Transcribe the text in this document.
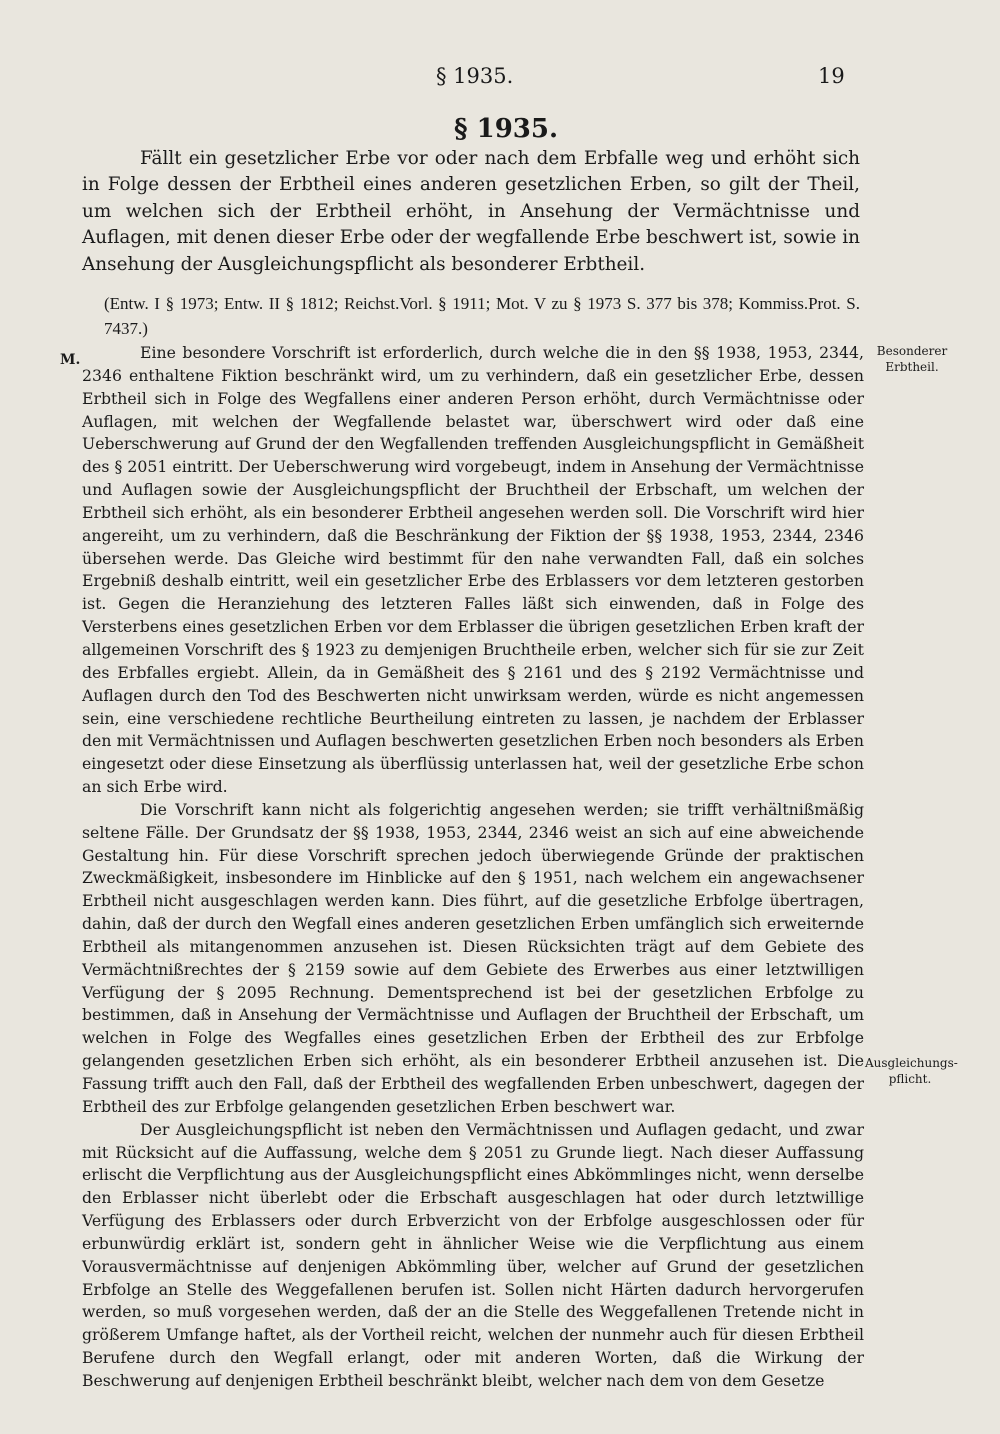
§ 1935.	19
§ 1935.

Fällt ein gesetzlicher Erbe vor oder nach dem Erbfalle weg und erhöht sich in Folge dessen der Erbtheil eines anderen gesetzlichen Erben, so gilt der Theil, um welchen sich der Erbtheil erhöht, in Ansehung der Vermächtnisse und Auflagen, mit denen dieser Erbe oder der wegfallende Erbe beschwert ist, sowie in Ansehung der Ausgleichungspflicht als besonderer Erbtheil.

(Entw. I § 1973; Entw. II § 1812; Reichst.Vorl. § 1911; Mot. V zu § 1973 S. 377 bis 378; Kommiss.Prot. S. 7437.)

M.	Eine besondere Vorschrift ist erforderlich, durch welche die in den §§ 1938, 1953, 2344, 2346 enthaltene Fiktion beschränkt wird, um zu verhindern, daß ein gesetzlicher Erbe, dessen Erbtheil sich in Folge des Wegfallens einer anderen Person erhöht, durch Vermächtnisse oder Auflagen, mit welchen der Wegfallende belastet war, überschwert wird oder daß eine Ueberschwerung auf Grund der den Wegfallenden treffenden Ausgleichungspflicht in Gemäßheit des § 2051 eintritt. Der Ueberschwerung wird vorgebeugt, indem in Ansehung der Vermächtnisse und Auflagen sowie der Ausgleichungspflicht der Bruchtheil der Erbschaft, um welchen der Erbtheil sich erhöht, als ein besonderer Erbtheil angesehen werden soll. Die Vorschrift wird hier angereiht, um zu verhindern, daß die Beschränkung der Fiktion der §§ 1938, 1953, 2344, 2346 übersehen werde. Das Gleiche wird bestimmt für den nahe verwandten Fall, daß ein solches Ergebniß deshalb eintritt, weil ein gesetzlicher Erbe des Erblassers vor dem letzteren gestorben ist. Gegen die Heranziehung des letzteren Falles läßt sich einwenden, daß in Folge des Versterbens eines gesetzlichen Erben vor dem Erblasser die übrigen gesetzlichen Erben kraft der allgemeinen Vorschrift des § 1923 zu demjenigen Bruchtheile erben, welcher sich für sie zur Zeit des Erbfalles ergiebt. Allein, da in Gemäßheit des § 2161 und des § 2192 Vermächtnisse und Auflagen durch den Tod des Beschwerten nicht unwirksam werden, würde es nicht angemessen sein, eine verschiedene rechtliche Beurtheilung eintreten zu lassen, je nachdem der Erblasser den mit Vermächtnissen und Auflagen beschwerten gesetzlichen Erben noch besonders als Erben eingesetzt oder diese Einsetzung als überflüssig unterlassen hat, weil der gesetzliche Erbe schon an sich Erbe wird.

Die Vorschrift kann nicht als folgerichtig angesehen werden; sie trifft verhältnißmäßig seltene Fälle. Der Grundsatz der §§ 1938, 1953, 2344, 2346 weist an sich auf eine abweichende Gestaltung hin. Für diese Vorschrift sprechen jedoch überwiegende Gründe der praktischen Zweckmäßigkeit, insbesondere im Hinblicke auf den § 1951, nach welchem ein angewachsener Erbtheil nicht ausgeschlagen werden kann. Dies führt, auf die gesetzliche Erbfolge übertragen, dahin, daß der durch den Wegfall eines anderen gesetzlichen Erben umfänglich sich erweiternde Erbtheil als mitangenommen anzusehen ist. Diesen Rücksichten trägt auf dem Gebiete des Vermächtnißrechtes der § 2159 sowie auf dem Gebiete des Erwerbes aus einer letztwilligen Verfügung der § 2095 Rechnung. Dementsprechend ist bei der gesetzlichen Erbfolge zu bestimmen, daß in Ansehung der Vermächtnisse und Auflagen der Bruchtheil der Erbschaft, um welchen in Folge des Wegfalles eines gesetzlichen Erben der Erbtheil des zur Erbfolge gelangenden gesetzlichen Erben sich erhöht, als ein besonderer Erbtheil anzusehen ist. Die Fassung trifft auch den Fall, daß der Erbtheil des wegfallenden Erben unbeschwert, dagegen der Erbtheil des zur Erbfolge gelangenden gesetzlichen Erben beschwert war.

Der Ausgleichungspflicht ist neben den Vermächtnissen und Auflagen gedacht, und zwar mit Rücksicht auf die Auffassung, welche dem § 2051 zu Grunde liegt. Nach dieser Auffassung erlischt die Verpflichtung aus der Ausgleichungspflicht eines Abkömmlinges nicht, wenn derselbe den Erblasser nicht überlebt oder die Erbschaft ausgeschlagen hat oder durch letztwillige Verfügung des Erblassers oder durch Erbverzicht von der Erbfolge ausgeschlossen oder für erbunwürdig erklärt ist, sondern geht in ähnlicher Weise wie die Verpflichtung aus einem Vorausvermächtnisse auf denjenigen Abkömmling über, welcher auf Grund der gesetzlichen Erbfolge an Stelle des Weggefallenen berufen ist. Sollen nicht Härten dadurch hervorgerufen werden, so muß vorgesehen werden, daß der an die Stelle des Weggefallenen Tretende nicht in größerem Umfange haftet, als der Vortheil reicht, welchen der nunmehr auch für diesen Erbtheil Berufene durch den Wegfall erlangt, oder mit anderen Worten, daß die Wirkung der Beschwerung auf denjenigen Erbtheil beschränkt bleibt, welcher nach dem von dem Gesetze

Besonderer Erbtheil.
Ausgleichungs-pflicht.
